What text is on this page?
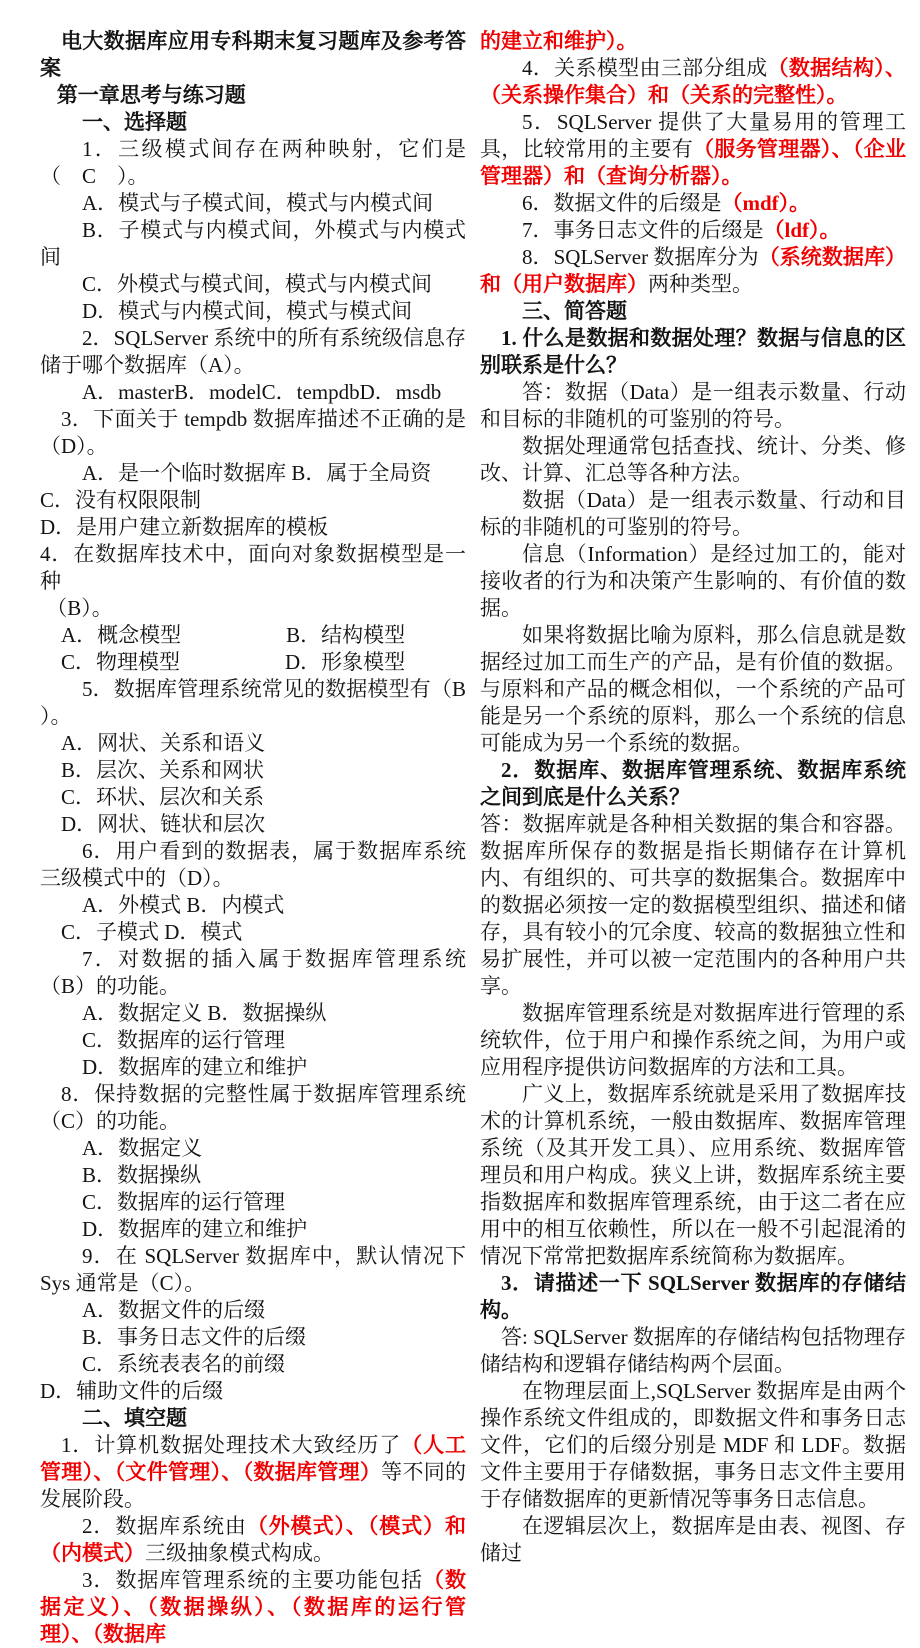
电大数据库应用专科期末复习题库及参考答案

第一章思考与练习题

一、选择题

1．三级模式间存在两种映射，它们是

（　C　）。

A．模式与子模式间，模式与内模式间

B．子模式与内模式间，外模式与内模式间

C．外模式与模式间，模式与内模式间

D．模式与内模式间，模式与模式间

2．SQLServer 系统中的所有系统级信息存储于哪个数据库（A）。

A．masterB．modelC．tempdbD．msdb

3．下面关于 tempdb 数据库描述不正确的是（D）。

A．是一个临时数据库 B．属于全局资

C．没有权限限制

D．是用户建立新数据库的模板

4．在数据库技术中，面向对象数据模型是一种

（B）。

A．概念模型　　　　　B．结构模型

C．物理模型　　　　　D．形象模型

5．数据库管理系统常见的数据模型有（B ）。

A．网状、关系和语义

B．层次、关系和网状

C．环状、层次和关系

D．网状、链状和层次

6．用户看到的数据表，属于数据库系统三级模式中的（D）。

A．外模式 B．内模式

C．子模式 D．模式

7．对数据的插入属于数据库管理系统（B）的功能。

A．数据定义 B．数据操纵

C．数据库的运行管理

D．数据库的建立和维护

8．保持数据的完整性属于数据库管理系统（C）的功能。

A．数据定义

B．数据操纵

C．数据库的运行管理

D．数据库的建立和维护

9．在 SQLServer 数据库中，默认情况下 Sys 通常是（C）。

A．数据文件的后缀

B．事务日志文件的后缀

C．系统表表名的前缀

D．辅助文件的后缀

二、填空题

1．计算机数据处理技术大致经历了（人工管理）、（文件管理）、（数据库管理）等不同的发展阶段。

2．数据库系统由（外模式）、（模式）和（内模式）三级抽象模式构成。

3．数据库管理系统的主要功能包括（数据定义）、（数据操纵）、（数据库的运行管理）、（数据库

的建立和维护）。

4．关系模型由三部分组成（数据结构）、（关系操作集合）和（关系的完整性）。

5．SQLServer 提供了大量易用的管理工具，比较常用的主要有（服务管理器）、（企业管理器）和（查询分析器）。

6．数据文件的后缀是（mdf）。

7．事务日志文件的后缀是（ldf）。

8．SQLServer 数据库分为（系统数据库）和（用户数据库）两种类型。

三、简答题

1. 什么是数据和数据处理？数据与信息的区别联系是什么？

答：数据（Data）是一组表示数量、行动和目标的非随机的可鉴别的符号。

数据处理通常包括查找、统计、分类、修改、计算、汇总等各种方法。

数据（Data）是一组表示数量、行动和目标的非随机的可鉴别的符号。

信息（Information）是经过加工的，能对接收者的行为和决策产生影响的、有价值的数据。

如果将数据比喻为原料，那么信息就是数据经过加工而生产的产品，是有价值的数据。与原料和产品的概念相似，一个系统的产品可能是另一个系统的原料，那么一个系统的信息可能成为另一个系统的数据。

2．数据库、数据库管理系统、数据库系统之间到底是什么关系？

答：数据库就是各种相关数据的集合和容器。数据库所保存的数据是指长期储存在计算机内、有组织的、可共享的数据集合。数据库中的数据必须按一定的数据模型组织、描述和储存，具有较小的冗余度、较高的数据独立性和易扩展性，并可以被一定范围内的各种用户共享。

数据库管理系统是对数据库进行管理的系统软件，位于用户和操作系统之间，为用户或应用程序提供访问数据库的方法和工具。

广义上，数据库系统就是采用了数据库技术的计算机系统，一般由数据库、数据库管理系统（及其开发工具）、应用系统、数据库管理员和用户构成。狭义上讲，数据库系统主要指数据库和数据库管理系统，由于这二者在应用中的相互依赖性，所以在一般不引起混淆的情况下常常把数据库系统简称为数据库。

3．请描述一下 SQLServer 数据库的存储结构。

答: SQLServer 数据库的存储结构包括物理存储结构和逻辑存储结构两个层面。

在物理层面上,SQLServer 数据库是由两个操作系统文件组成的，即数据文件和事务日志文件，它们的后缀分别是 MDF 和 LDF。数据文件主要用于存储数据，事务日志文件主要用于存储数据库的更新情况等事务日志信息。

在逻辑层次上，数据库是由表、视图、存储过
